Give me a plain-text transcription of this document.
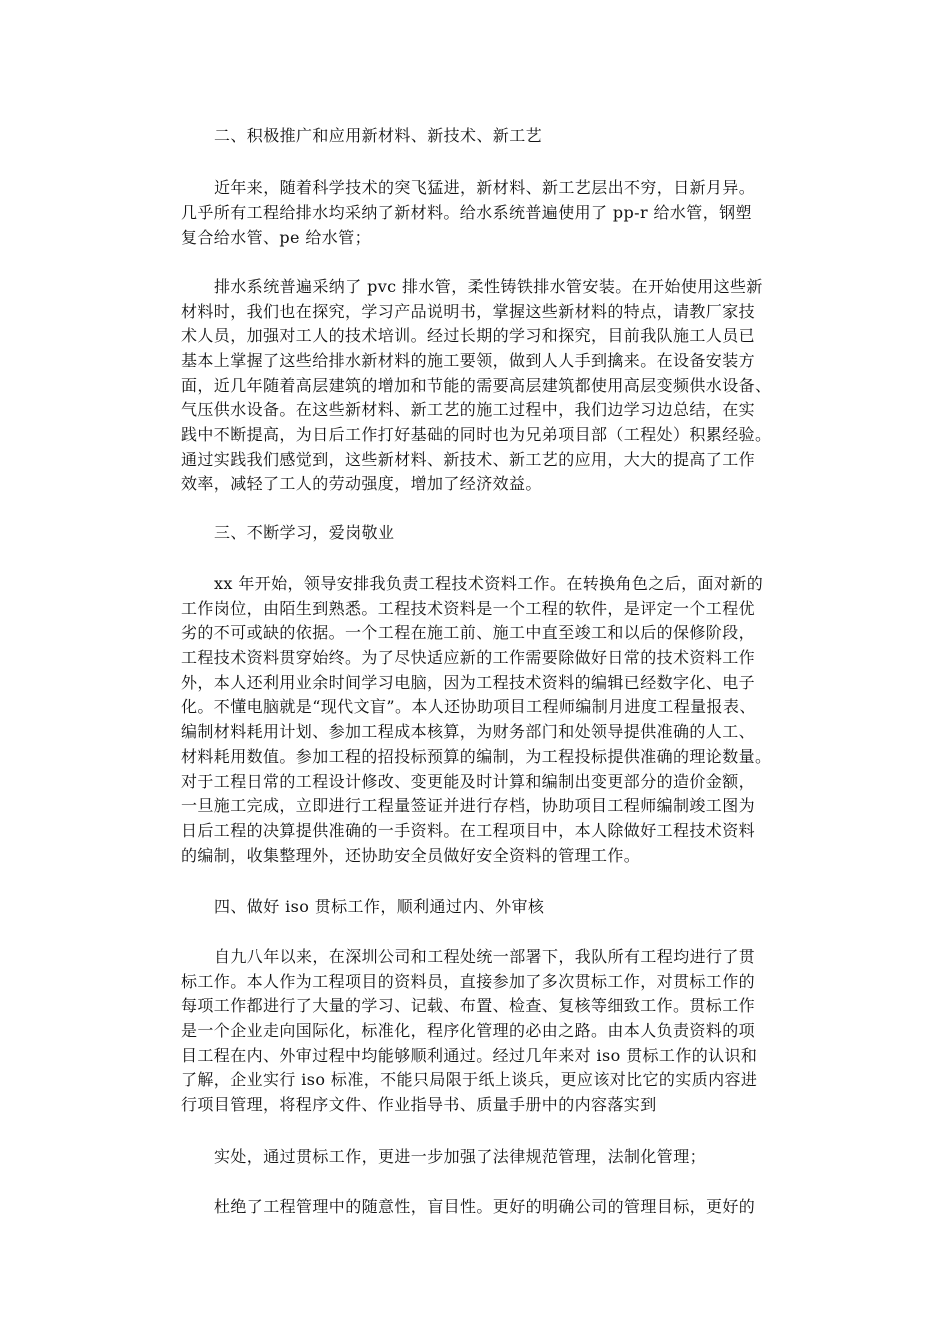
二、积极推广和应用新材料、新技术、新工艺
近年来，随着科学技术的突飞猛进，新材料、新工艺层出不穷，日新月异。
几乎所有工程给排水均采纳了新材料。给水系统普遍使用了 pp-r 给水管，钢塑
复合给水管、pe 给水管；
排水系统普遍采纳了 pvc 排水管，柔性铸铁排水管安装。在开始使用这些新
材料时，我们也在探究，学习产品说明书，掌握这些新材料的特点，请教厂家技
术人员，加强对工人的技术培训。经过长期的学习和探究，目前我队施工人员已
基本上掌握了这些给排水新材料的施工要领，做到人人手到擒来。在设备安装方
面，近几年随着高层建筑的增加和节能的需要高层建筑都使用高层变频供水设备、
气压供水设备。在这些新材料、新工艺的施工过程中，我们边学习边总结，在实
践中不断提高，为日后工作打好基础的同时也为兄弟项目部（工程处）积累经验。
通过实践我们感觉到，这些新材料、新技术、新工艺的应用，大大的提高了工作
效率，减轻了工人的劳动强度，增加了经济效益。
三、不断学习，爱岗敬业
xx 年开始，领导安排我负责工程技术资料工作。在转换角色之后，面对新的
工作岗位，由陌生到熟悉。工程技术资料是一个工程的软件，是评定一个工程优
劣的不可或缺的依据。一个工程在施工前、施工中直至竣工和以后的保修阶段，
工程技术资料贯穿始终。为了尽快适应新的工作需要除做好日常的技术资料工作
外，本人还利用业余时间学习电脑，因为工程技术资料的编辑已经数字化、电子
化。不懂电脑就是“现代文盲”。本人还协助项目工程师编制月进度工程量报表、
编制材料耗用计划、参加工程成本核算，为财务部门和处领导提供准确的人工、
材料耗用数值。参加工程的招投标预算的编制，为工程投标提供准确的理论数量。
对于工程日常的工程设计修改、变更能及时计算和编制出变更部分的造价金额，
一旦施工完成，立即进行工程量签证并进行存档，协助项目工程师编制竣工图为
日后工程的决算提供准确的一手资料。在工程项目中，本人除做好工程技术资料
的编制，收集整理外，还协助安全员做好安全资料的管理工作。
四、做好 iso 贯标工作，顺利通过内、外审核
自九八年以来，在深圳公司和工程处统一部署下，我队所有工程均进行了贯
标工作。本人作为工程项目的资料员，直接参加了多次贯标工作，对贯标工作的
每项工作都进行了大量的学习、记载、布置、检查、复核等细致工作。贯标工作
是一个企业走向国际化，标准化，程序化管理的必由之路。由本人负责资料的项
目工程在内、外审过程中均能够顺利通过。经过几年来对 iso 贯标工作的认识和
了解，企业实行 iso 标准，不能只局限于纸上谈兵，更应该对比它的实质内容进
行项目管理，将程序文件、作业指导书、质量手册中的内容落实到
实处，通过贯标工作，更进一步加强了法律规范管理，法制化管理；
杜绝了工程管理中的随意性，盲目性。更好的明确公司的管理目标，更好的
